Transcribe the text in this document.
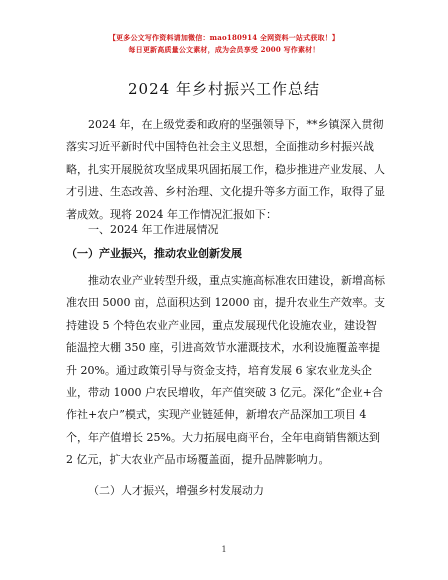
【更多公文写作资料请加微信：mao180914 全网资料一站式获取！】
每日更新高质量公文素材，成为会员享受 2000 写作素材！
2024 年乡村振兴工作总结

2024 年，在上级党委和政府的坚强领导下，**乡镇深入贯彻落实习近平新时代中国特色社会主义思想，全面推动乡村振兴战略，扎实开展脱贫攻坚成果巩固拓展工作，稳步推进产业发展、人才引进、生态改善、乡村治理、文化提升等多方面工作，取得了显著成效。现将 2024 年工作情况汇报如下：

一、2024 年工作进展情况

（一）产业振兴，推动农业创新发展

推动农业产业转型升级，重点实施高标准农田建设，新增高标准农田 5000 亩，总面积达到 12000 亩，提升农业生产效率。支持建设 5 个特色农业产业园，重点发展现代化设施农业，建设智能温控大棚 350 座，引进高效节水灌溉技术，水利设施覆盖率提升 20%。通过政策引导与资金支持，培育发展 6 家农业龙头企业，带动 1000 户农民增收，年产值突破 3 亿元。深化“企业+合作社+农户”模式，实现产业链延伸，新增农产品深加工项目 4 个，年产值增长 25%。大力拓展电商平台，全年电商销售额达到 2 亿元，扩大农业产品市场覆盖面，提升品牌影响力。

（二）人才振兴，增强乡村发展动力

1
